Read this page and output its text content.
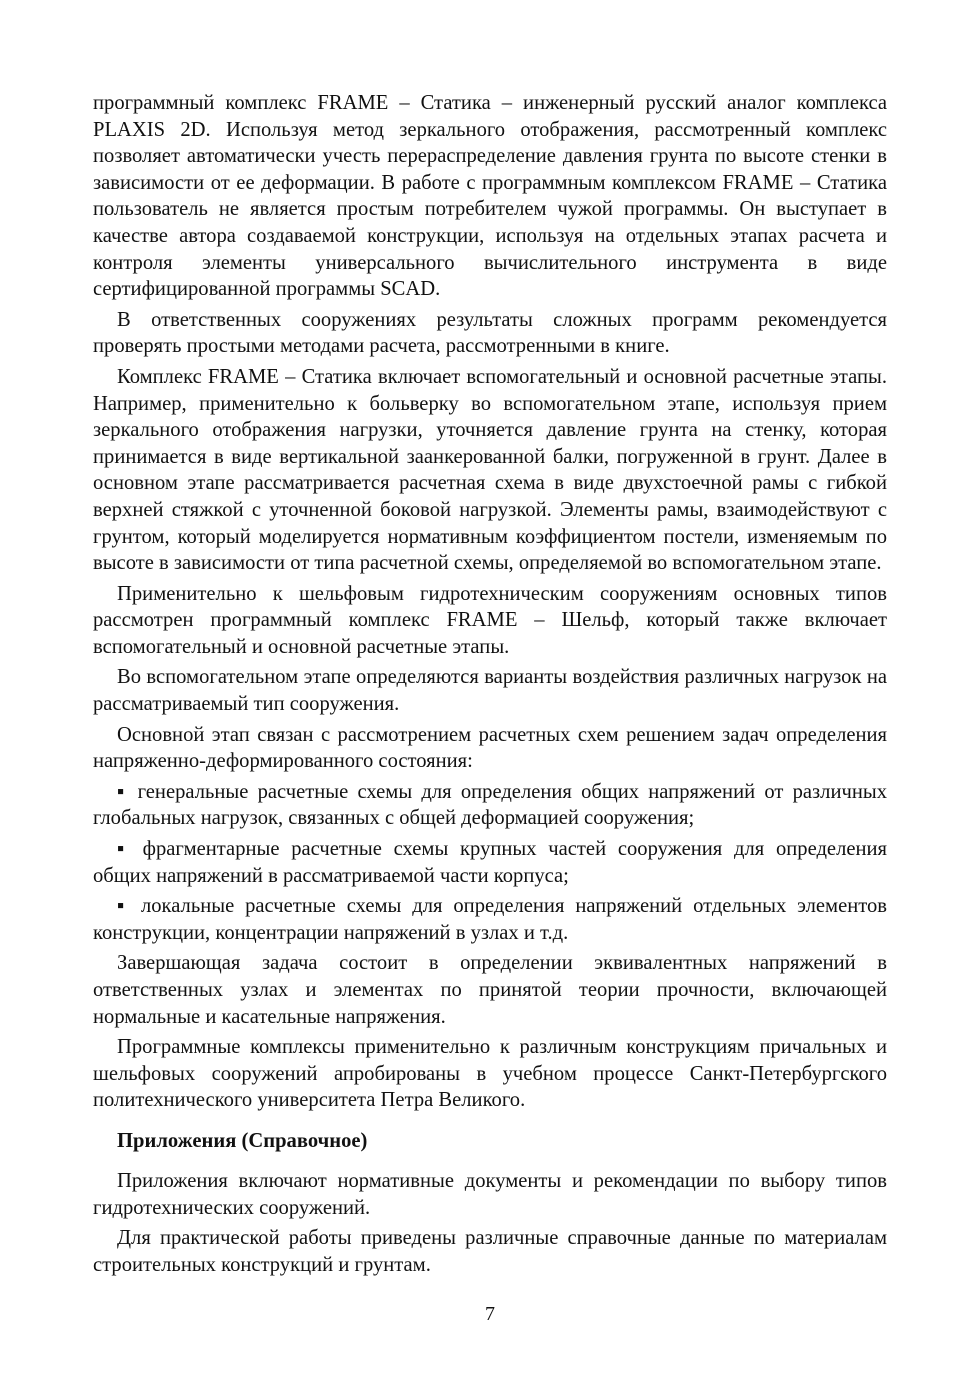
программный комплекс FRAME – Статика – инженерный русский аналог комплекса PLAXIS 2D. Используя метод зеркального отображения, рассмотренный комплекс позволяет автоматически учесть перераспределение давления грунта по высоте стенки в зависимости от ее деформации. В работе с программным комплексом FRAME – Статика пользователь не является простым потребителем чужой программы. Он выступает в качестве автора создаваемой конструкции, используя на отдельных этапах расчета и контроля элементы универсального вычислительного инструмента в виде сертифицированной программы SCAD.

В ответственных сооружениях результаты сложных программ рекомендуется проверять простыми методами расчета, рассмотренными в книге.

Комплекс FRAME – Статика включает вспомогательный и основной расчетные этапы. Например, применительно к больверку во вспомогательном этапе, используя прием зеркального отображения нагрузки, уточняется давление грунта на стенку, которая принимается в виде вертикальной заанкерованной балки, погруженной в грунт. Далее в основном этапе рассматривается расчетная схема в виде двухстоечной рамы с гибкой верхней стяжкой с уточненной боковой нагрузкой. Элементы рамы, взаимодействуют с грунтом, который моделируется нормативным коэффициентом постели, изменяемым по высоте в зависимости от типа расчетной схемы, определяемой во вспомогательном этапе.

Применительно к шельфовым гидротехническим сооружениям основных типов рассмотрен программный комплекс FRAME – Шельф, который также включает вспомогательный и основной расчетные этапы.

Во вспомогательном этапе определяются варианты воздействия различных нагрузок на рассматриваемый тип сооружения.

Основной этап связан с рассмотрением расчетных схем решением задач определения напряженно-деформированного состояния:

▪ генеральные расчетные схемы для определения общих напряжений от различных глобальных нагрузок, связанных с общей деформацией сооружения;

▪ фрагментарные расчетные схемы крупных частей сооружения для определения общих напряжений в рассматриваемой части корпуса;

▪ локальные расчетные схемы для определения напряжений отдельных элементов конструкции, концентрации напряжений в узлах и т.д.

Завершающая задача состоит в определении эквивалентных напряжений в ответственных узлах и элементах по принятой теории прочности, включающей нормальные и касательные напряжения.

Программные комплексы применительно к различным конструкциям причальных и шельфовых сооружений апробированы в учебном процессе Санкт-Петербургского политехнического университета Петра Великого.

Приложения (Справочное)

Приложения включают нормативные документы и рекомендации по выбору типов гидротехнических сооружений.

Для практической работы приведены различные справочные данные по материалам строительных конструкций и грунтам.

7
